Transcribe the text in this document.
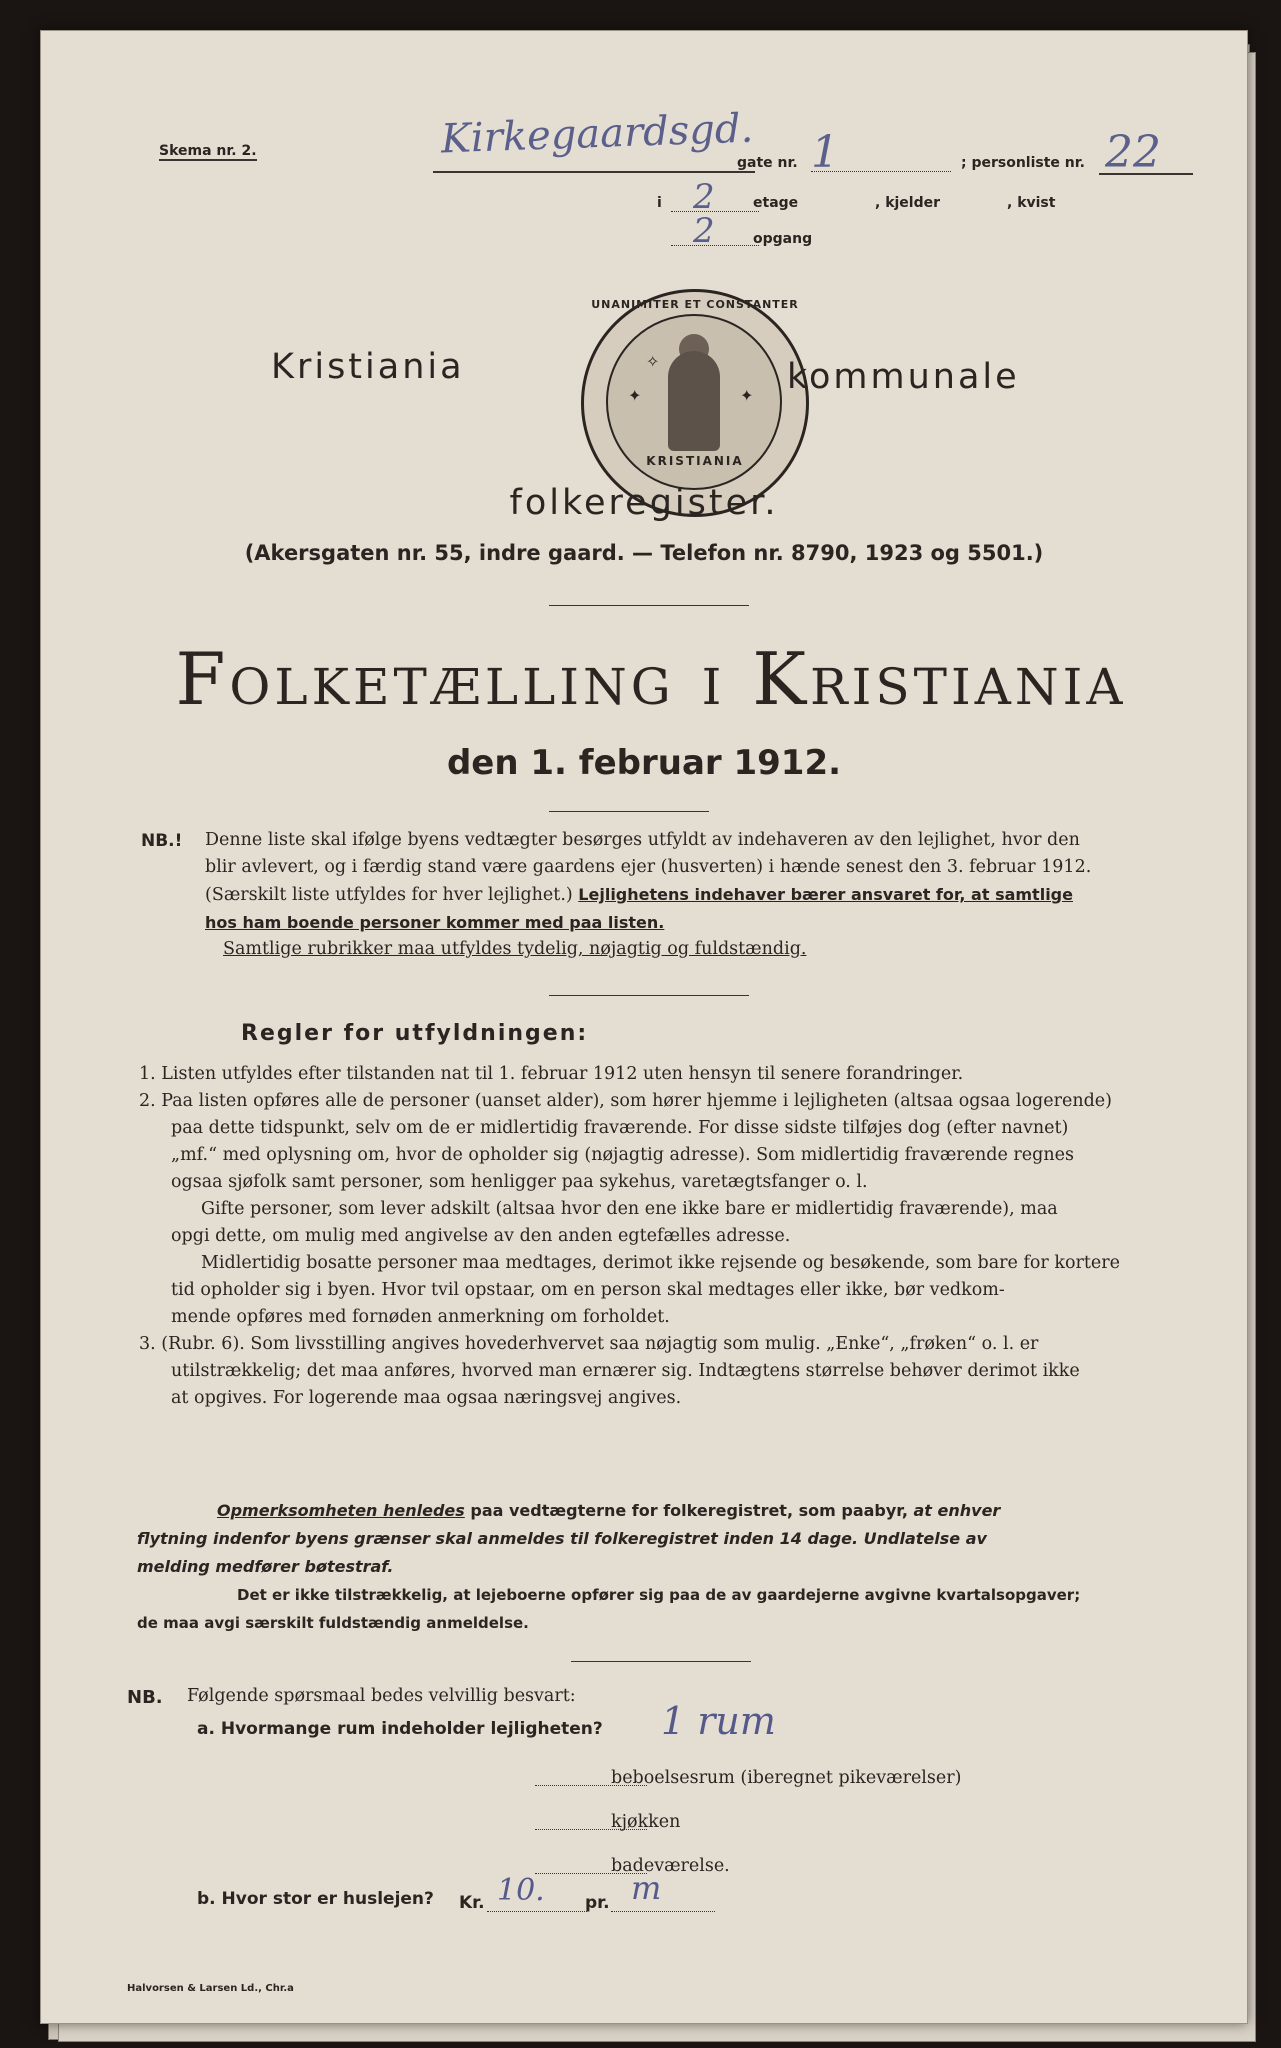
Skema nr. 2.	Kirkegaardsgd.
gate nr. 1	; personliste nr. 22
i 2	etage	, kjelder	, kvist
2	opgang
Kristiania
UNANIMITER ET CONSTANTER
✦	✦
✧
KRISTIANIA
kommunale
folkeregister.
(Akersgaten nr. 55, indre gaard. — Telefon nr. 8790, 1923 og 5501.)
Folketælling i Kristiania
den 1. februar 1912.
NB.! Denne liste skal ifølge byens vedtægter besørges utfyldt av indehaveren av den lejlighet, hvor den
blir avlevert, og i færdig stand være gaardens ejer (husverten) i hænde senest den 3. februar 1912.
(Særskilt liste utfyldes for hver lejlighet.) Lejlighetens indehaver bærer ansvaret for, at samtlige
hos ham boende personer kommer med paa listen.
Samtlige rubrikker maa utfyldes tydelig, nøjagtig og fuldstændig.
Regler for utfyldningen:
1. Listen utfyldes efter tilstanden nat til 1. februar 1912 uten hensyn til senere forandringer.
2. Paa listen opføres alle de personer (uanset alder), som hører hjemme i lejligheten (altsaa ogsaa logerende)
paa dette tidspunkt, selv om de er midlertidig fraværende. For disse sidste tilføjes dog (efter navnet)
„mf.“ med oplysning om, hvor de opholder sig (nøjagtig adresse). Som midlertidig fraværende regnes
ogsaa sjøfolk samt personer, som henligger paa sykehus, varetægtsfanger o. l.
Gifte personer, som lever adskilt (altsaa hvor den ene ikke bare er midlertidig fraværende), maa
opgi dette, om mulig med angivelse av den anden egtefælles adresse.
Midlertidig bosatte personer maa medtages, derimot ikke rejsende og besøkende, som bare for kortere
tid opholder sig i byen. Hvor tvil opstaar, om en person skal medtages eller ikke, bør vedkom-
mende opføres med fornøden anmerkning om forholdet.
3. (Rubr. 6). Som livsstilling angives hovederhvervet saa nøjagtig som mulig. „Enke“, „frøken“ o. l. er
utilstrækkelig; det maa anføres, hvorved man ernærer sig. Indtægtens størrelse behøver derimot ikke
at opgives. For logerende maa ogsaa næringsvej angives.
Opmerksomheten henledes paa vedtægterne for folkeregistret, som paabyr, at enhver
flytning indenfor byens grænser skal anmeldes til folkeregistret inden 14 dage. Undlatelse av
melding medfører bøtestraf.
Det er ikke tilstrækkelig, at lejeboerne opfører sig paa de av gaardejerne avgivne kvartalsopgaver;
de maa avgi særskilt fuldstændig anmeldelse.
NB. Følgende spørsmaal bedes velvillig besvart:
a. Hvormange rum indeholder lejligheten? 1 rum
beboelsesrum (iberegnet pikeværelser)
kjøkken
badeværelse.
b. Hvor stor er huslejen? Kr. 10. pr. m
Halvorsen & Larsen Ld., Chr.a
